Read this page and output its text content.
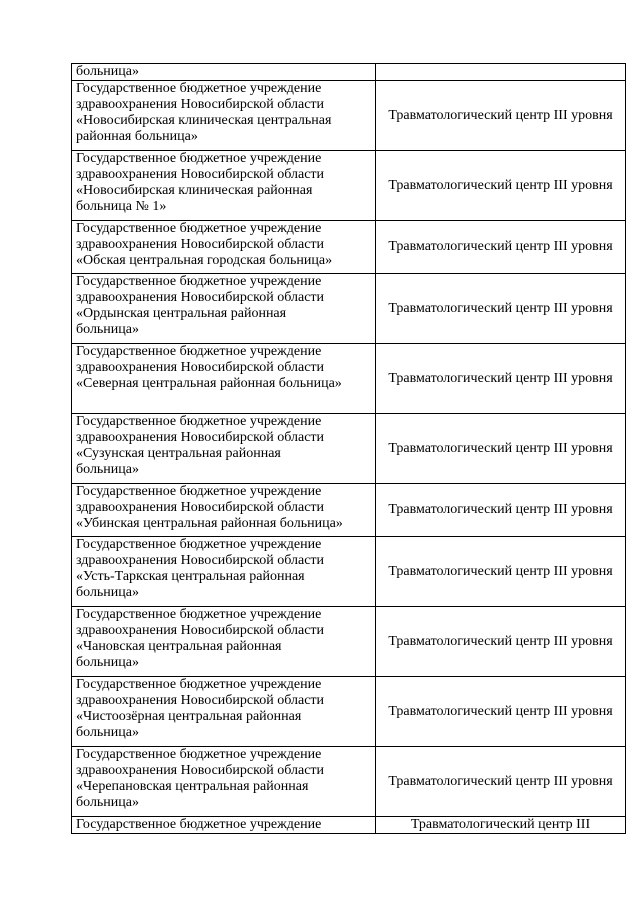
больница»	

Государственное бюджетное учреждение
здравоохранения Новосибирской области
«Новосибирская клиническая центральная
районная больница»	Травматологический центр III уровня

Государственное бюджетное учреждение
здравоохранения Новосибирской области
«Новосибирская клиническая районная
больница № 1»	Травматологический центр III уровня

Государственное бюджетное учреждение
здравоохранения Новосибирской области
«Обская центральная городская больница»	Травматологический центр III уровня

Государственное бюджетное учреждение
здравоохранения Новосибирской области
«Ордынская центральная районная
больница»	Травматологический центр III уровня

Государственное бюджетное учреждение
здравоохранения Новосибирской области
«Северная центральная районная больница»	Травматологический центр III уровня

Государственное бюджетное учреждение
здравоохранения Новосибирской области
«Сузунская центральная районная
больница»	Травматологический центр III уровня

Государственное бюджетное учреждение
здравоохранения Новосибирской области
«Убинская центральная районная больница»	Травматологический центр III уровня

Государственное бюджетное учреждение
здравоохранения Новосибирской области
«Усть-Таркская центральная районная
больница»	Травматологический центр III уровня

Государственное бюджетное учреждение
здравоохранения Новосибирской области
«Чановская центральная районная
больница»	Травматологический центр III уровня

Государственное бюджетное учреждение
здравоохранения Новосибирской области
«Чистоозёрная центральная районная
больница»	Травматологический центр III уровня

Государственное бюджетное учреждение
здравоохранения Новосибирской области
«Черепановская центральная районная
больница»	Травматологический центр III уровня

Государственное бюджетное учреждение	Травматологический центр III
